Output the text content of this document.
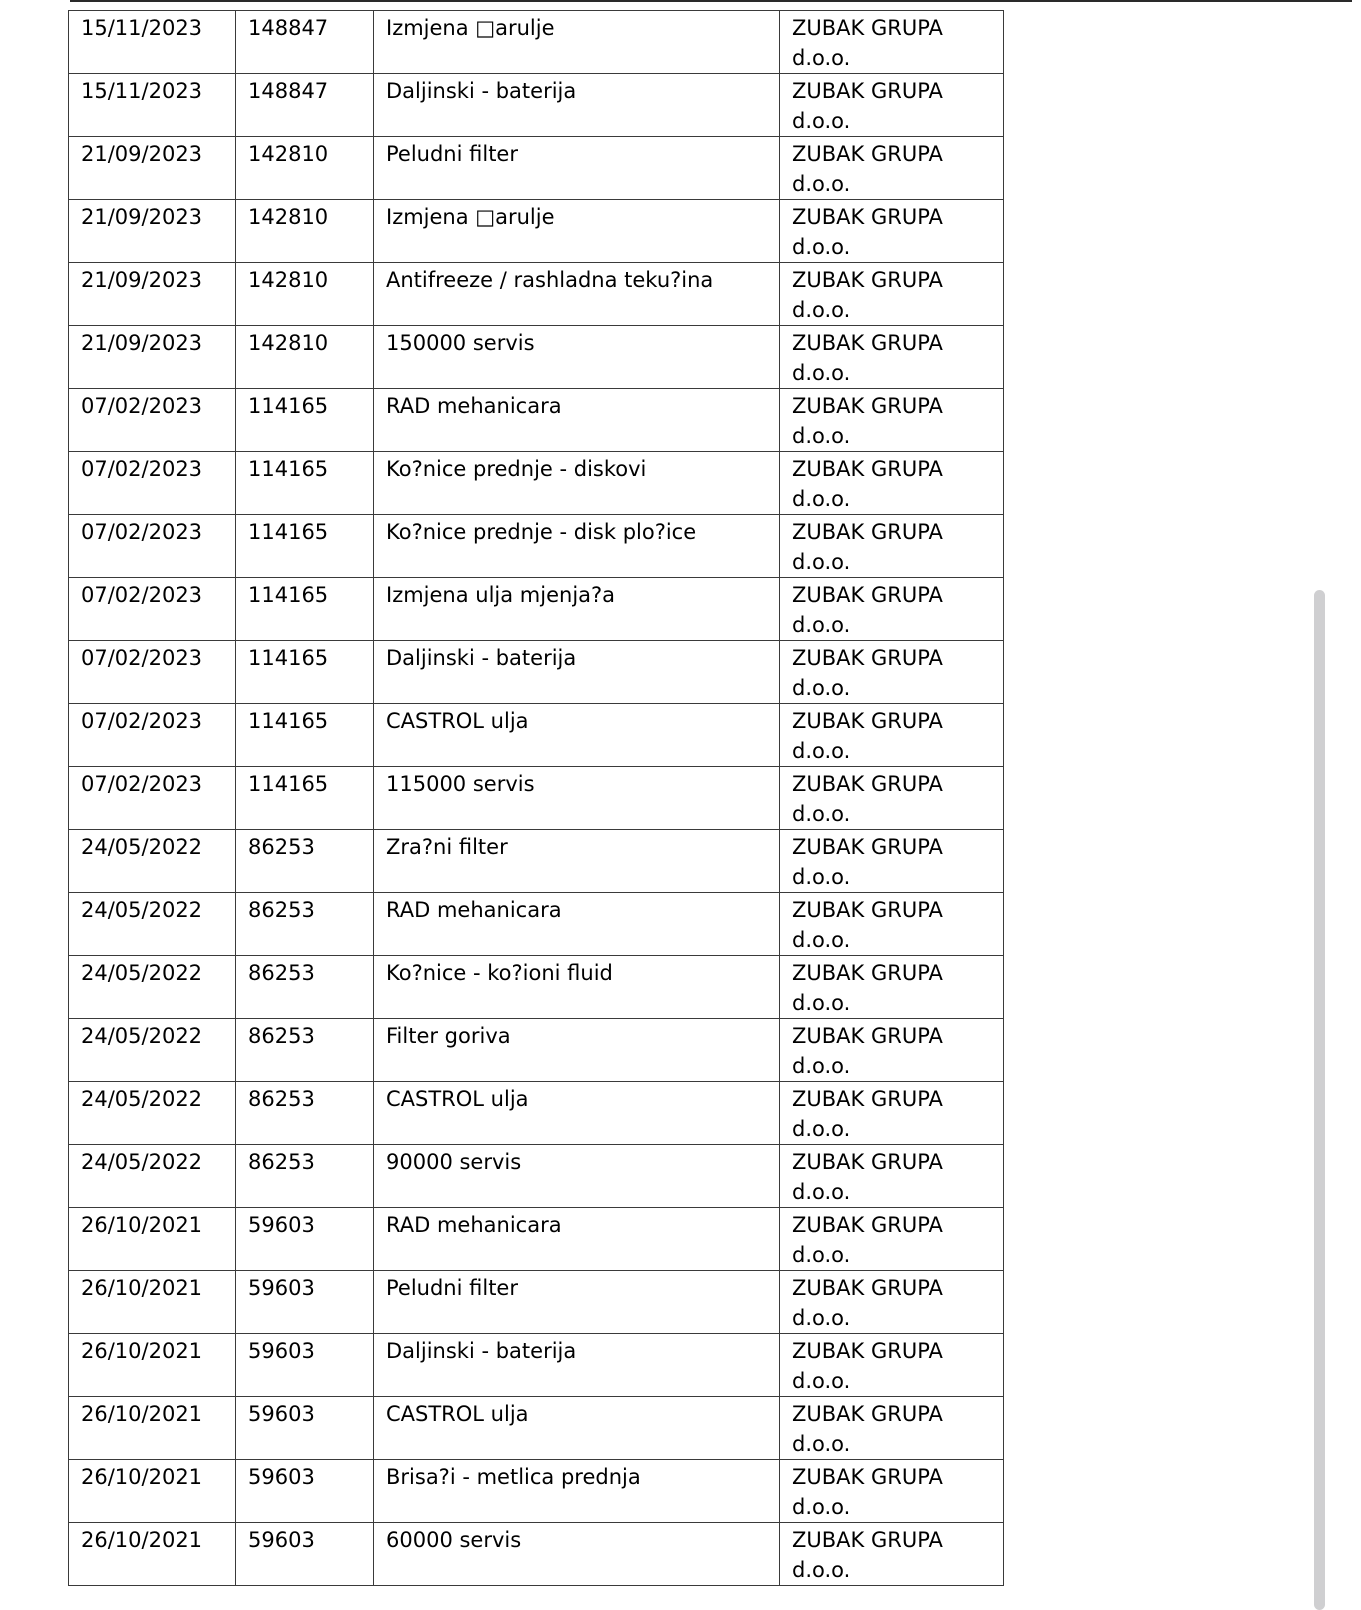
15/11/2023	148847	Izmjena □arulje	ZUBAK GRUPA
d.o.o.

15/11/2023	148847	Daljinski - baterija	ZUBAK GRUPA
d.o.o.

21/09/2023	142810	Peludni filter	ZUBAK GRUPA
d.o.o.

21/09/2023	142810	Izmjena □arulje	ZUBAK GRUPA
d.o.o.

21/09/2023	142810	Antifreeze / rashladna teku?ina	ZUBAK GRUPA
d.o.o.

21/09/2023	142810	150000 servis	ZUBAK GRUPA
d.o.o.

07/02/2023	114165	RAD mehanicara	ZUBAK GRUPA
d.o.o.

07/02/2023	114165	Ko?nice prednje - diskovi	ZUBAK GRUPA
d.o.o.

07/02/2023	114165	Ko?nice prednje - disk plo?ice	ZUBAK GRUPA
d.o.o.

07/02/2023	114165	Izmjena ulja mjenja?a	ZUBAK GRUPA
d.o.o.

07/02/2023	114165	Daljinski - baterija	ZUBAK GRUPA
d.o.o.

07/02/2023	114165	CASTROL ulja	ZUBAK GRUPA
d.o.o.

07/02/2023	114165	115000 servis	ZUBAK GRUPA
d.o.o.

24/05/2022	86253	Zra?ni filter	ZUBAK GRUPA
d.o.o.

24/05/2022	86253	RAD mehanicara	ZUBAK GRUPA
d.o.o.

24/05/2022	86253	Ko?nice - ko?ioni fluid	ZUBAK GRUPA
d.o.o.

24/05/2022	86253	Filter goriva	ZUBAK GRUPA
d.o.o.

24/05/2022	86253	CASTROL ulja	ZUBAK GRUPA
d.o.o.

24/05/2022	86253	90000 servis	ZUBAK GRUPA
d.o.o.

26/10/2021	59603	RAD mehanicara	ZUBAK GRUPA
d.o.o.

26/10/2021	59603	Peludni filter	ZUBAK GRUPA
d.o.o.

26/10/2021	59603	Daljinski - baterija	ZUBAK GRUPA
d.o.o.

26/10/2021	59603	CASTROL ulja	ZUBAK GRUPA
d.o.o.

26/10/2021	59603	Brisa?i - metlica prednja	ZUBAK GRUPA
d.o.o.

26/10/2021	59603	60000 servis	ZUBAK GRUPA
d.o.o.
